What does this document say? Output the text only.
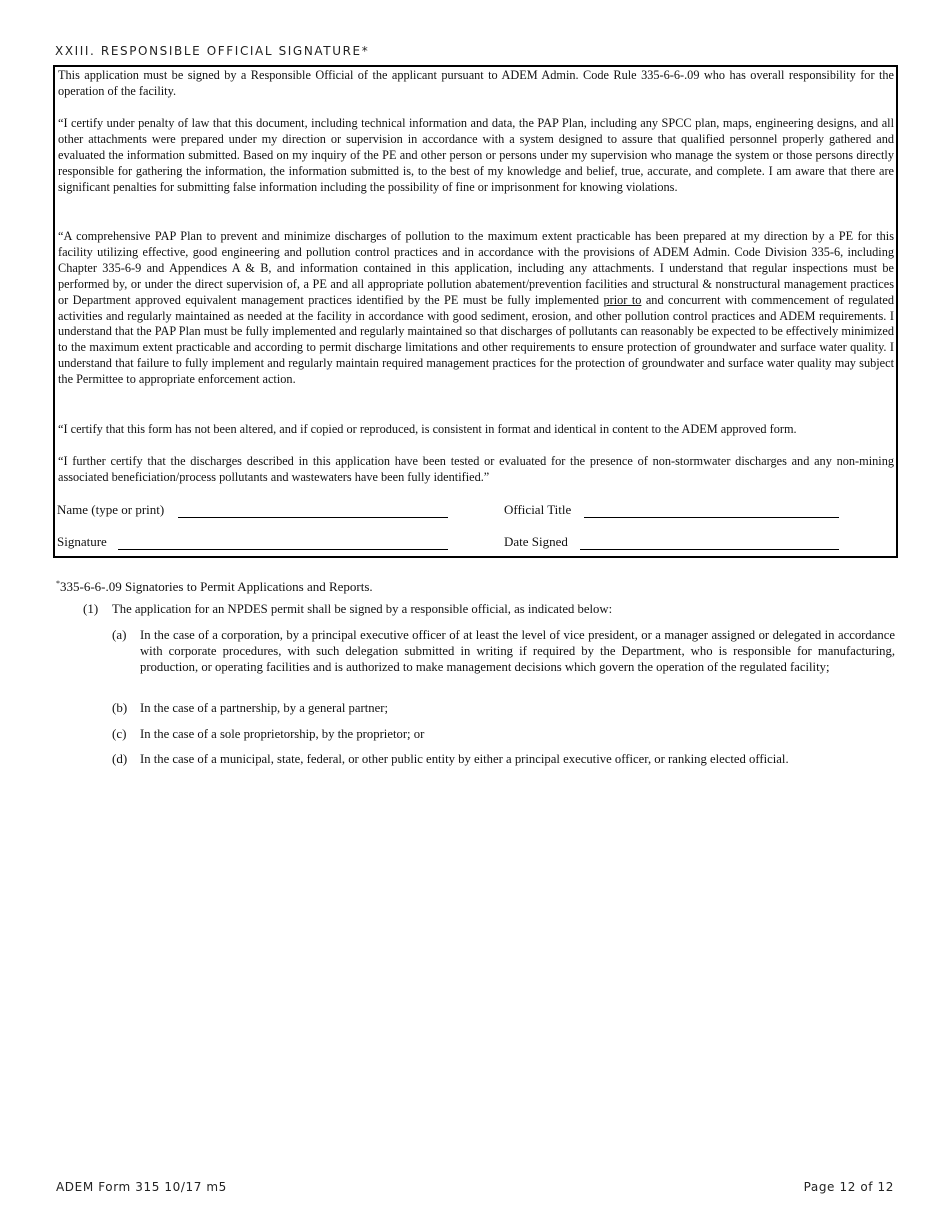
XXIII. RESPONSIBLE OFFICIAL SIGNATURE*

This application must be signed by a Responsible Official of the applicant pursuant to ADEM Admin. Code Rule 335-6-6-.09 who has overall responsibility for the operation of the facility.

“I certify under penalty of law that this document, including technical information and data, the PAP Plan, including any SPCC plan, maps, engineering designs, and all other attachments were prepared under my direction or supervision in accordance with a system designed to assure that qualified personnel properly gathered and evaluated the information submitted. Based on my inquiry of the PE and other person or persons under my supervision who manage the system or those persons directly responsible for gathering the information, the information submitted is, to the best of my knowledge and belief, true, accurate, and complete. I am aware that there are significant penalties for submitting false information including the possibility of fine or imprisonment for knowing violations.

“A comprehensive PAP Plan to prevent and minimize discharges of pollution to the maximum extent practicable has been prepared at my direction by a PE for this facility utilizing effective, good engineering and pollution control practices and in accordance with the provisions of ADEM Admin. Code Division 335-6, including Chapter 335-6-9 and Appendices A & B, and information contained in this application, including any attachments. I understand that regular inspections must be performed by, or under the direct supervision of, a PE and all appropriate pollution abatement/prevention facilities and structural & nonstructural management practices or Department approved equivalent management practices identified by the PE must be fully implemented prior to and concurrent with commencement of regulated activities and regularly maintained as needed at the facility in accordance with good sediment, erosion, and other pollution control practices and ADEM requirements. I understand that the PAP Plan must be fully implemented and regularly maintained so that discharges of pollutants can reasonably be expected to be effectively minimized to the maximum extent practicable and according to permit discharge limitations and other requirements to ensure protection of groundwater and surface water quality. I understand that failure to fully implement and regularly maintain required management practices for the protection of groundwater and surface water quality may subject the Permittee to appropriate enforcement action.

“I certify that this form has not been altered, and if copied or reproduced, is consistent in format and identical in content to the ADEM approved form.

“I further certify that the discharges described in this application have been tested or evaluated for the presence of non-stormwater discharges and any non-mining associated beneficiation/process pollutants and wastewaters have been fully identified.”

Name (type or print)	Official Title
Signature	Date Signed
*335-6-6-.09 Signatories to Permit Applications and Reports.
(1) The application for an NPDES permit shall be signed by a responsible official, as indicated below:

(a) In the case of a corporation, by a principal executive officer of at least the level of vice president, or a manager assigned or delegated in accordance with corporate procedures, with such delegation submitted in writing if required by the Department, who is responsible for manufacturing, production, or operating facilities and is authorized to make management decisions which govern the operation of the regulated facility;

(b) In the case of a partnership, by a general partner;

(c) In the case of a sole proprietorship, by the proprietor; or

(d) In the case of a municipal, state, federal, or other public entity by either a principal executive officer, or ranking elected official.

ADEM Form 315 10/17 m5	Page 12 of 12
